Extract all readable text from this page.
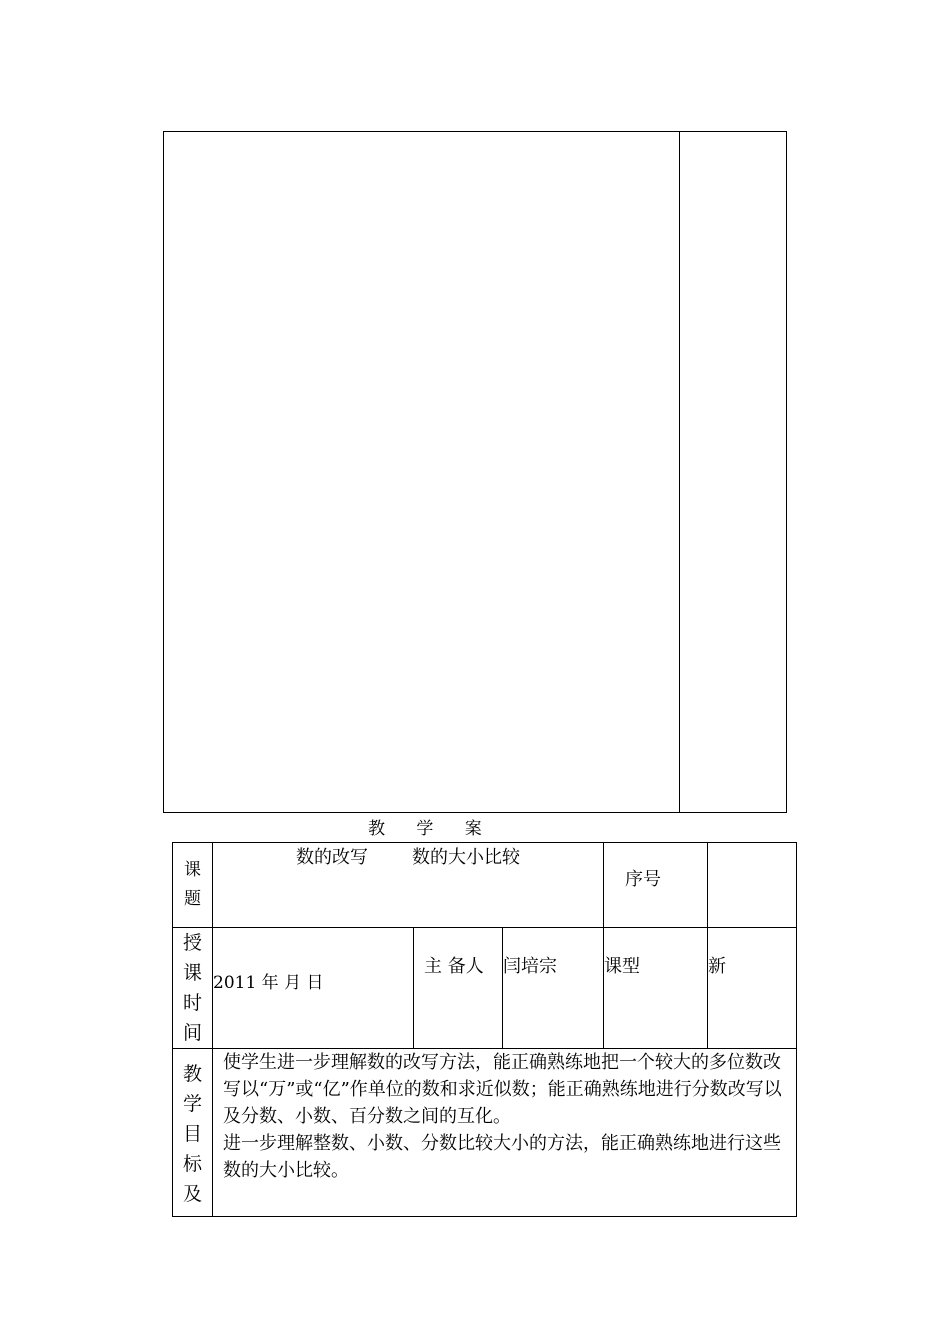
教 学 案
课题	数的改写 数的大小比较			序号	

授课时间	2011 年 月 日	主 备人	闫培宗	课型	新

教学目标及	使学生进一步理解数的改写方法，能正确熟练地把一个较大的多位数改写以“万”或“亿”作单位的数和求近似数；能正确熟练地进行分数改写以及分数、小数、百分数之间的互化。
进一步理解整数、小数、分数比较大小的方法，能正确熟练地进行这些数的大小比较。				
